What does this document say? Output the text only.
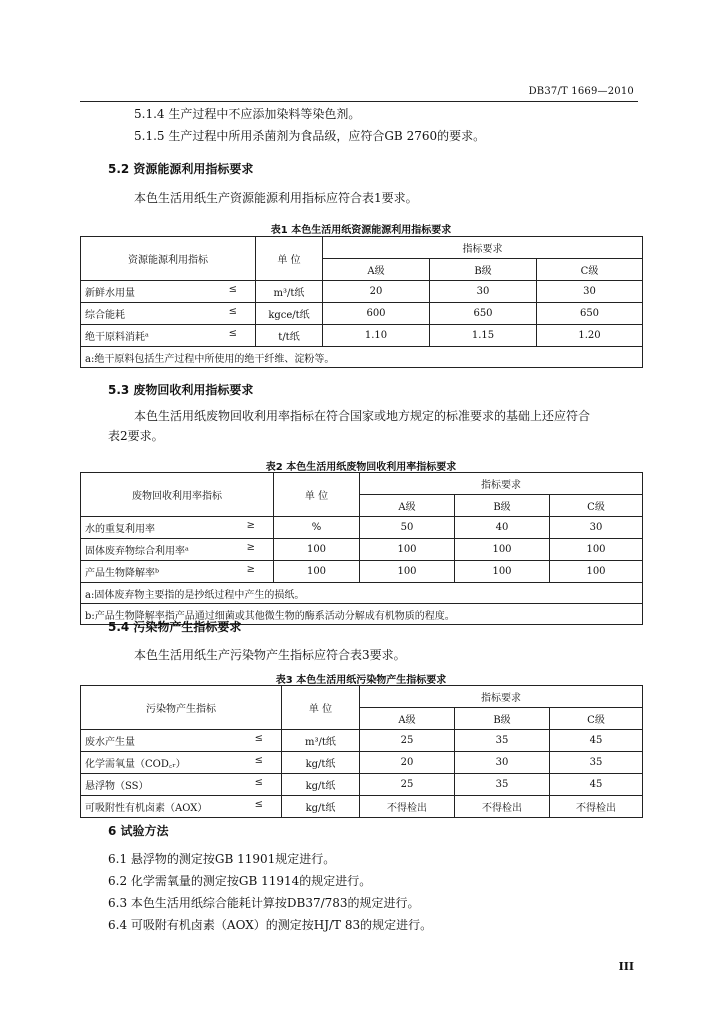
DB37/T 1669—2010
5.1.4 生产过程中不应添加染料等染色剂。
5.1.5 生产过程中所用杀菌剂为食品级，应符合GB 2760的要求。
5.2 资源能源利用指标要求
本色生活用纸生产资源能源利用指标应符合表1要求。
表1 本色生活用纸资源能源利用指标要求
资源能源利用指标	单 位	指标要求		
		A级	B级	C级
新鲜水用量 ≤	m³/t纸	20	30	30
综合能耗 ≤	kgce/t纸	600	650	650
绝干原料消耗ᵃ ≤	t/t纸	1.10	1.15	1.20
a:绝干原料包括生产过程中所使用的绝干纤维、淀粉等。				
5.3 废物回收利用指标要求
本色生活用纸废物回收利用率指标在符合国家或地方规定的标准要求的基础上还应符合
表2要求。
表2 本色生活用纸废物回收利用率指标要求
废物回收利用率指标	单 位	指标要求		
		A级	B级	C级
水的重复利用率 ≥	%	50	40	30
固体废弃物综合利用率ᵃ ≥	100	100	100	100
产品生物降解率ᵇ ≥	100	100	100	100
a:固体废弃物主要指的是抄纸过程中产生的损纸。				
b:产品生物降解率指产品通过细菌或其他微生物的酶系活动分解成有机物质的程度。				
5.4 污染物产生指标要求
本色生活用纸生产污染物产生指标应符合表3要求。
表3 本色生活用纸污染物产生指标要求
污染物产生指标	单 位	指标要求		
		A级	B级	C级
废水产生量 ≤	m³/t纸	25	35	45
化学需氧量（COD꜀ᵣ） ≤	kg/t纸	20	30	35
悬浮物（SS） ≤	kg/t纸	25	35	45
可吸附性有机卤素（AOX） ≤	kg/t纸	不得检出	不得检出	不得检出
6 试验方法
6.1 悬浮物的测定按GB 11901规定进行。
6.2 化学需氧量的测定按GB 11914的规定进行。
6.3 本色生活用纸综合能耗计算按DB37/783的规定进行。
6.4 可吸附有机卤素（AOX）的测定按HJ/T 83的规定进行。
III
